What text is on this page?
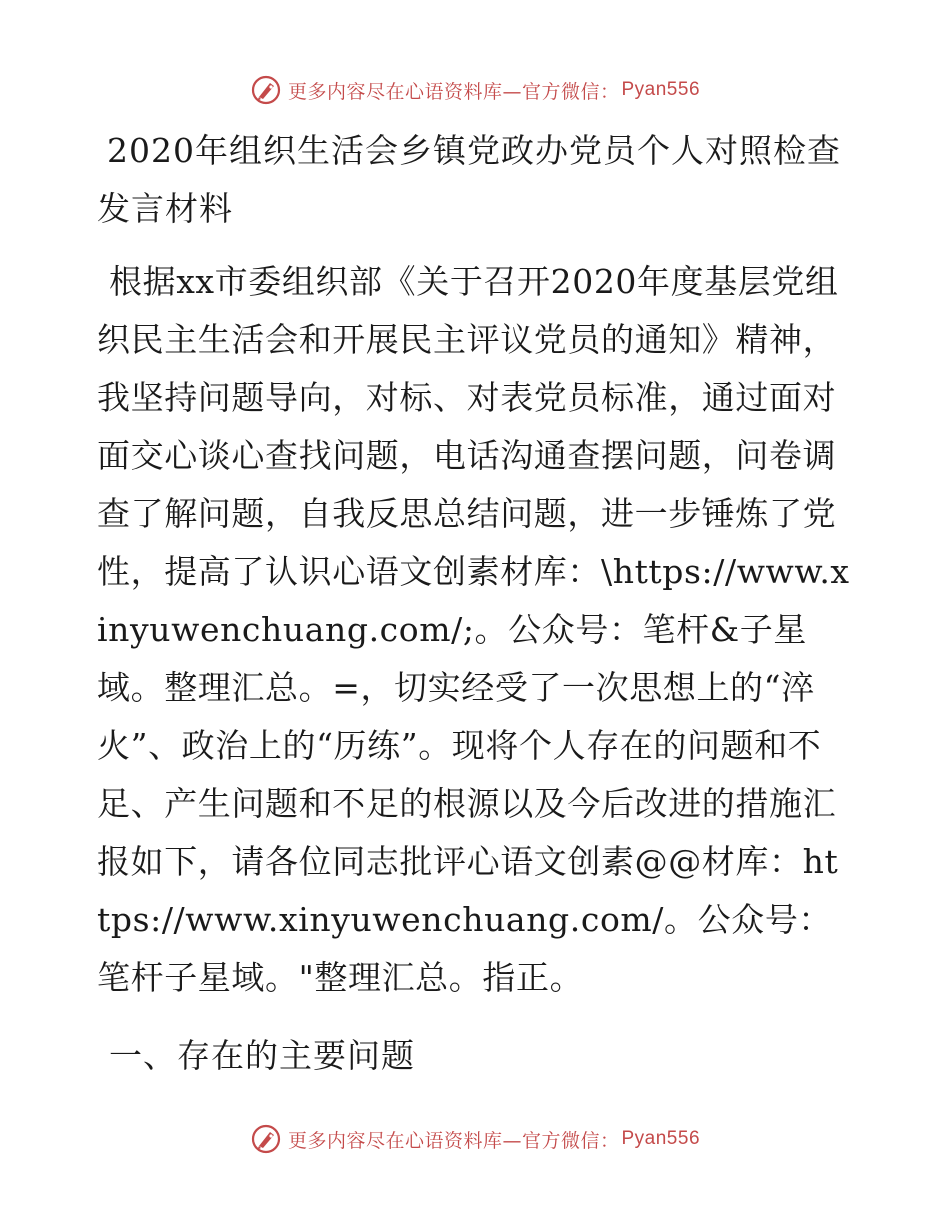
更多内容尽在心语资料库—官方微信： Pyan556
2020年组织生活会乡镇党政办党员个人对照检查发言材料

根据xx市委组织部《关于召开2020年度基层党组织民主生活会和开展民主评议党员的通知》精神，我坚持问题导向，对标、对表党员标准，通过面对面交心谈心查找问题，电话沟通查摆问题，问卷调查了解问题，自我反思总结问题，进一步锤炼了党性，提高了认识心语文创素材库：\https://www.xinyuwenchuang.com/;。公众号：笔杆&子星域。整理汇总。=，切实经受了一次思想上的“淬火”、政治上的“历练”。现将个人存在的问题和不足、产生问题和不足的根源以及今后改进的措施汇报如下，请各位同志批评心语文创素@@材库：https://www.xinyuwenchuang.com/。公众号：笔杆子星域。"整理汇总。指正。

一、存在的主要问题
更多内容尽在心语资料库—官方微信： Pyan556
